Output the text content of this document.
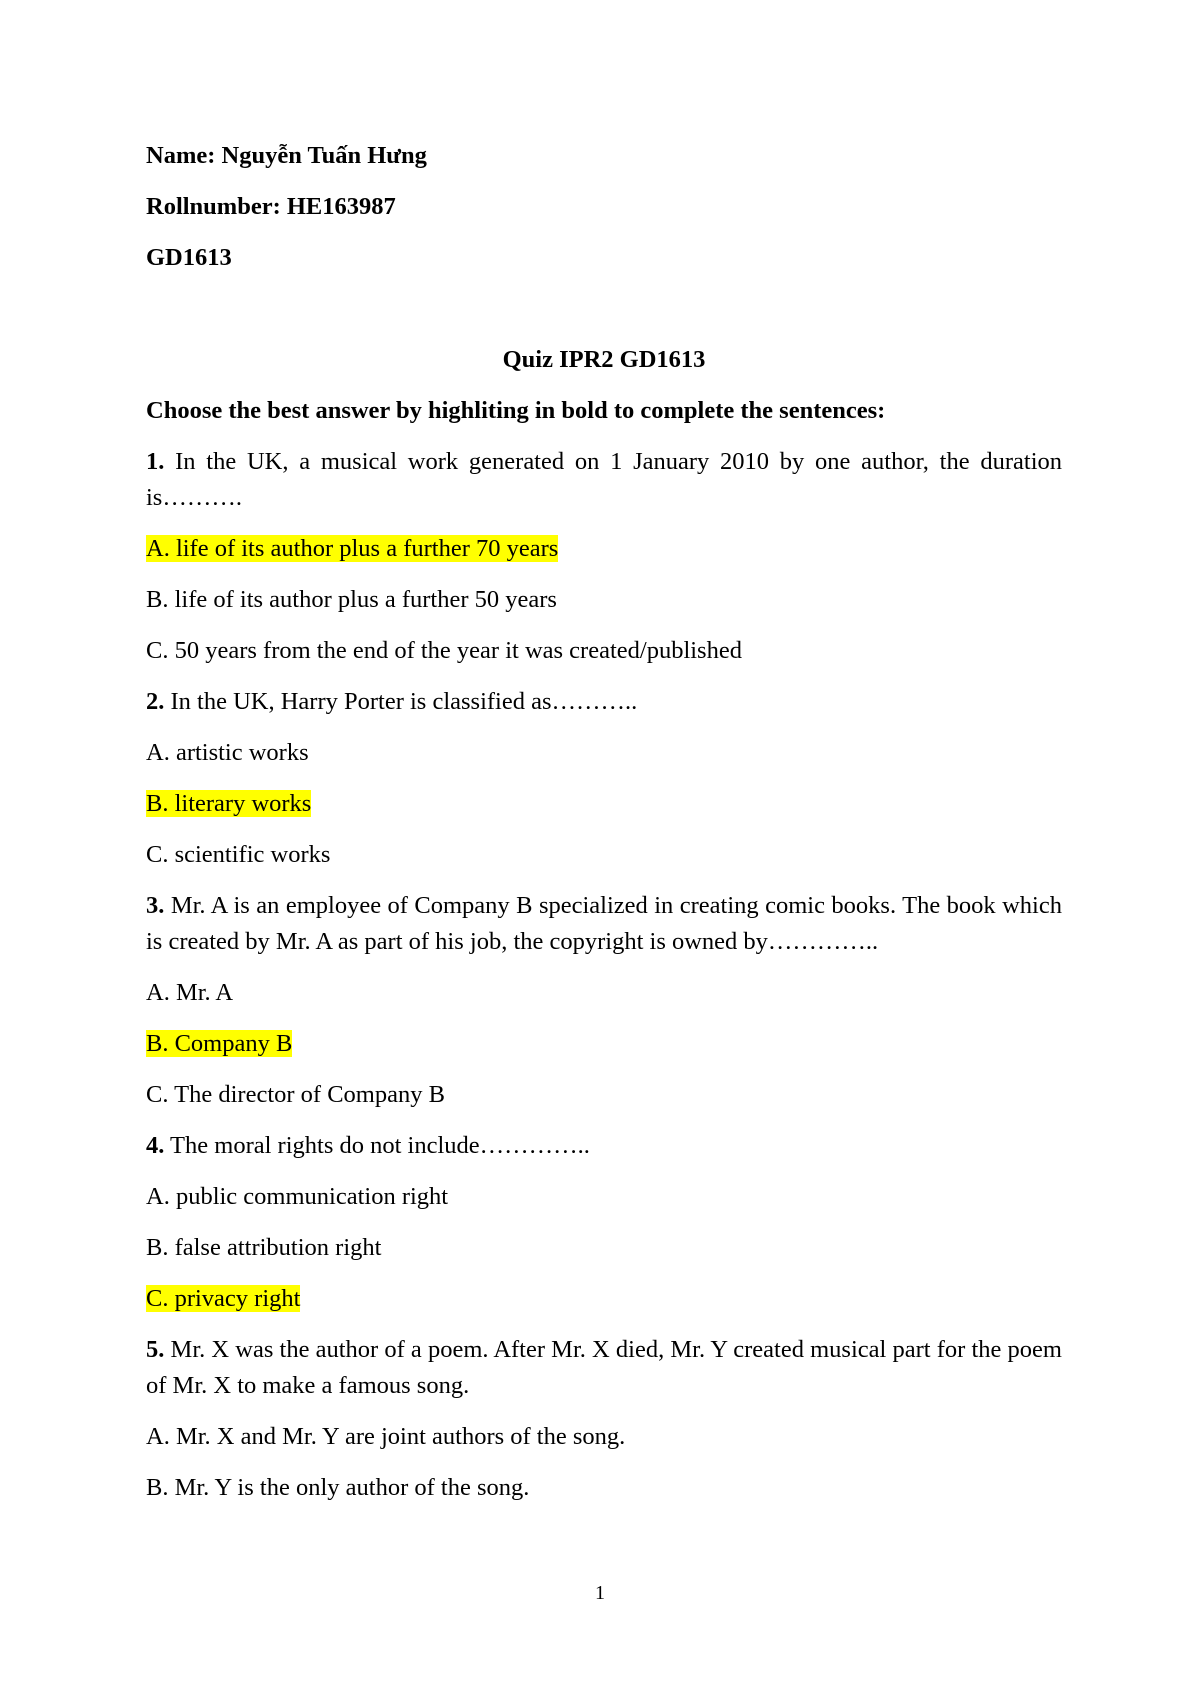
Name: Nguyễn Tuấn Hưng

Rollnumber: HE163987

GD1613

Quiz IPR2 GD1613

Choose the best answer by highliting in bold to complete the sentences:

1. In the UK, a musical work generated on 1 January 2010 by one author, the duration is……….

A. life of its author plus a further 70 years

B. life of its author plus a further 50 years

C. 50 years from the end of the year it was created/published

2. In the UK, Harry Porter is classified as………..

A. artistic works

B. literary works

C. scientific works

3. Mr. A is an employee of Company B specialized in creating comic books. The book which is created by Mr. A as part of his job, the copyright is owned by…………..

A. Mr. A

B. Company B

C. The director of Company B

4. The moral rights do not include…………..

A. public communication right

B. false attribution right

C. privacy right

5. Mr. X was the author of a poem. After Mr. X died, Mr. Y created musical part for the poem of Mr. X to make a famous song.

A. Mr. X and Mr. Y are joint authors of the song.

B. Mr. Y is the only author of the song.

1
